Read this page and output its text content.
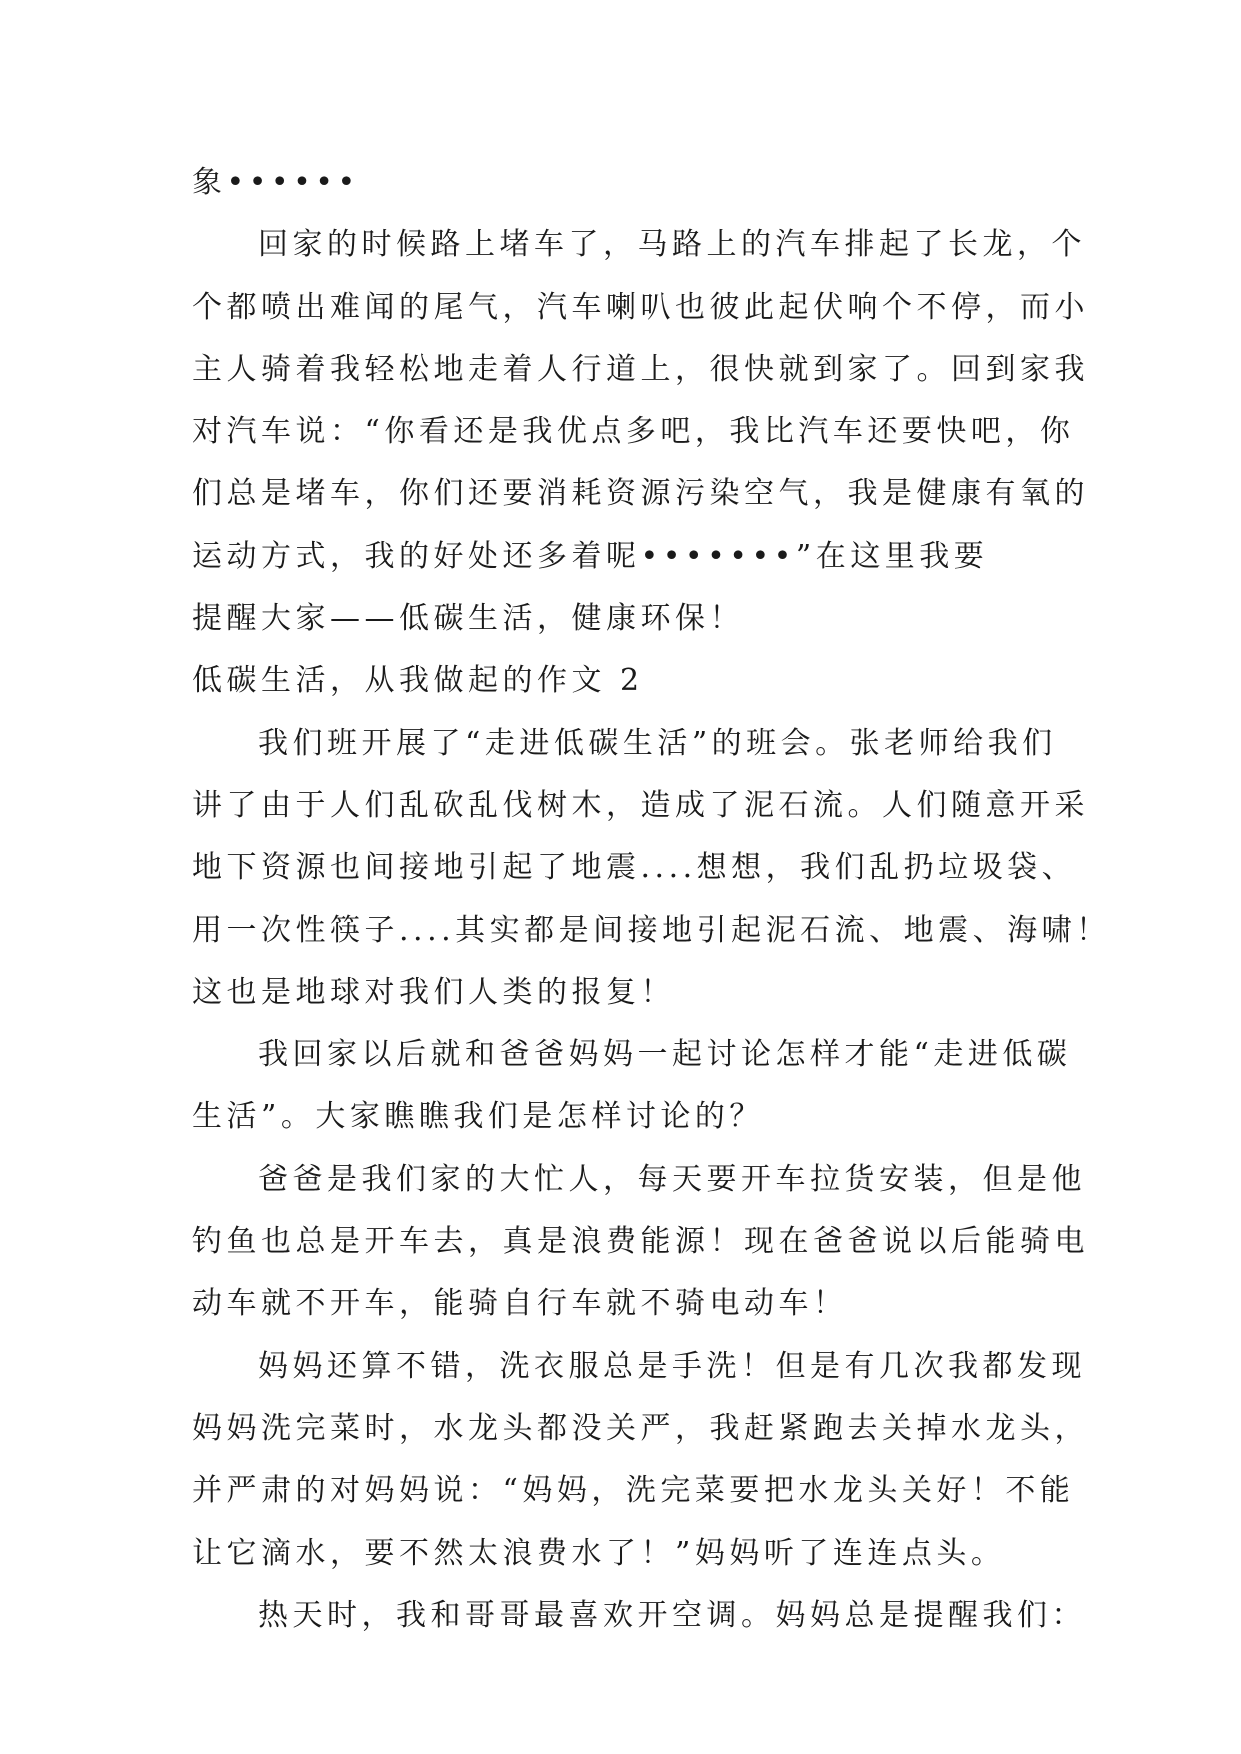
象••••••
回家的时候路上堵车了，马路上的汽车排起了长龙，个
个都喷出难闻的尾气，汽车喇叭也彼此起伏响个不停，而小
主人骑着我轻松地走着人行道上，很快就到家了。回到家我
对汽车说：“你看还是我优点多吧，我比汽车还要快吧，你
们总是堵车，你们还要消耗资源污染空气，我是健康有氧的
运动方式，我的好处还多着呢•••••••”在这里我要
提醒大家——低碳生活，健康环保！
低碳生活，从我做起的作文 2
我们班开展了“走进低碳生活”的班会。张老师给我们
讲了由于人们乱砍乱伐树木，造成了泥石流。人们随意开采
地下资源也间接地引起了地震....想想，我们乱扔垃圾袋、
用一次性筷子....其实都是间接地引起泥石流、地震、海啸！
这也是地球对我们人类的报复！
我回家以后就和爸爸妈妈一起讨论怎样才能“走进低碳
生活”。大家瞧瞧我们是怎样讨论的？
爸爸是我们家的大忙人，每天要开车拉货安装，但是他
钓鱼也总是开车去，真是浪费能源！现在爸爸说以后能骑电
动车就不开车，能骑自行车就不骑电动车！
妈妈还算不错，洗衣服总是手洗！但是有几次我都发现
妈妈洗完菜时，水龙头都没关严，我赶紧跑去关掉水龙头，
并严肃的对妈妈说：“妈妈，洗完菜要把水龙头关好！不能
让它滴水，要不然太浪费水了！”妈妈听了连连点头。
热天时，我和哥哥最喜欢开空调。妈妈总是提醒我们：
